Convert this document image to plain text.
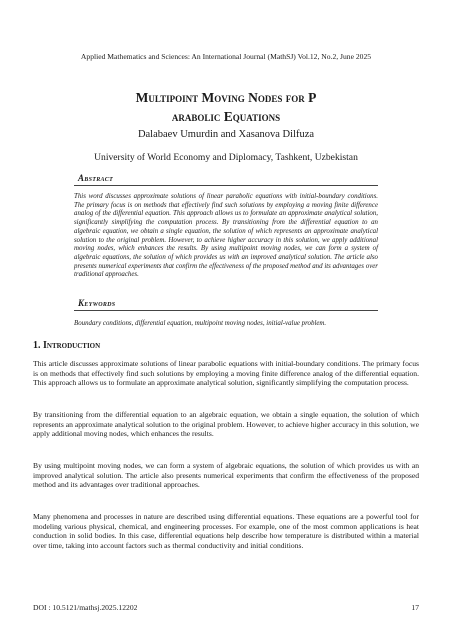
Applied Mathematics and Sciences: An International Journal (MathSJ) Vol.12, No.2, June 2025
Multipoint Moving Nodes for P
arabolic Equations
Dalabaev Umurdin and Xasanova Dilfuza
University of World Economy and Diplomacy, Tashkent, Uzbekistan
Abstract
This word discusses approximate solutions of linear parabolic equations with initial-boundary conditions. The primary focus is on methods that effectively find such solutions by employing a moving finite difference analog of the differential equation. This approach allows us to formulate an approximate analytical solution, significantly simplifying the computation process. By transitioning from the differential equation to an algebraic equation, we obtain a single equation, the solution of which represents an approximate analytical solution to the original problem. However, to achieve higher accuracy in this solution, we apply additional moving nodes, which enhances the results. By using multipoint moving nodes, we can form a system of algebraic equations, the solution of which provides us with an improved analytical solution. The article also presents numerical experiments that confirm the effectiveness of the proposed method and its advantages over traditional approaches.
Keywords
Boundary conditions, differential equation, multipoint moving nodes, initial-value problem.
1. Introduction

This article discusses approximate solutions of linear parabolic equations with initial-boundary conditions. The primary focus is on methods that effectively find such solutions by employing a moving finite difference analog of the differential equation. This approach allows us to formulate an approximate analytical solution, significantly simplifying the computation process.

By transitioning from the differential equation to an algebraic equation, we obtain a single equation, the solution of which represents an approximate analytical solution to the original problem. However, to achieve higher accuracy in this solution, we apply additional moving nodes, which enhances the results.

By using multipoint moving nodes, we can form a system of algebraic equations, the solution of which provides us with an improved analytical solution. The article also presents numerical experiments that confirm the effectiveness of the proposed method and its advantages over traditional approaches.

Many phenomena and processes in nature are described using differential equations. These equations are a powerful tool for modeling various physical, chemical, and engineering processes. For example, one of the most common applications is heat conduction in solid bodies. In this case, differential equations help describe how temperature is distributed within a material over time, taking into account factors such as thermal conductivity and initial conditions.

DOI : 10.5121/mathsj.2025.12202	17
